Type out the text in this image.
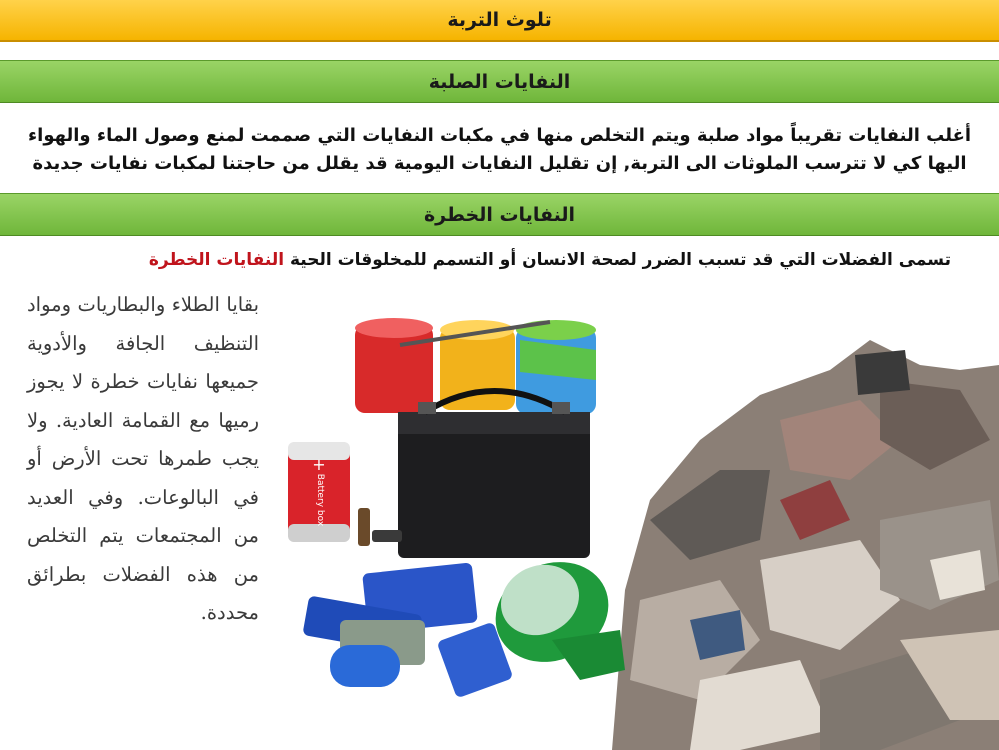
تلوث التربة
النفايات الصلبة
أغلب النفايات تقريباً مواد صلبة ويتم التخلص منها في مكبات النفايات التي صممت لمنع وصول الماء والهواء
اليها كي لا تترسب الملوثات الى التربة, إن تقليل النفايات اليومية قد يقلل من حاجتنا لمكبات نفايات جديدة
النفايات الخطرة
تسمى الفضلات التي قد تسبب الضرر لصحة الانسان أو التسمم للمخلوقات الحية النفايات الخطرة
بقايا الطلاء والبطاريات ومواد التنظيف الجافة والأدوية جميعها نفايات خطرة لا يجوز رميها مع القمامة العادية. ولا يجب طمرها تحت الأرض أو في البالوعات. وفي العديد من المجتمعات يتم التخلص من هذه الفضلات بطرائق محددة.
Battery box
+
